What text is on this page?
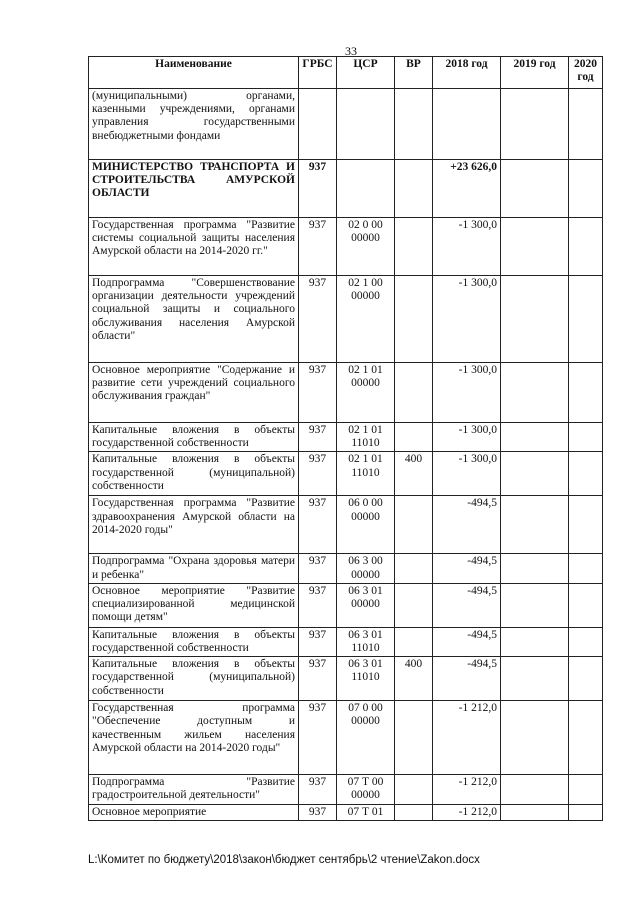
33
Наименование	ГРБС	ЦСР	ВР	2018 год	2019 год	2020 год
(муниципальными) органами, казенными учреждениями, органами управления государственными внебюджетными фондами						
МИНИСТЕРСТВО ТРАНСПОРТА И СТРОИТЕЛЬСТВА АМУРСКОЙ ОБЛАСТИ	937			+23 626,0		
Государственная программа "Развитие системы социальной защиты населения Амурской области на 2014-2020 гг."	937	02 0 00 00000		-1 300,0		
Подпрограмма "Совершенствование организации деятельности учреждений социальной защиты и социального обслуживания населения Амурской области"	937	02 1 00 00000		-1 300,0		
Основное мероприятие "Содержание и развитие сети учреждений социального обслуживания граждан"	937	02 1 01 00000		-1 300,0		
Капитальные вложения в объекты государственной собственности	937	02 1 01 11010		-1 300,0		
Капитальные вложения в объекты государственной (муниципальной) собственности	937	02 1 01 11010	400	-1 300,0		
Государственная программа "Развитие здравоохранения Амурской области на 2014-2020 годы"	937	06 0 00 00000		-494,5		
Подпрограмма "Охрана здоровья матери и ребенка"	937	06 3 00 00000		-494,5		
Основное мероприятие "Развитие специализированной медицинской помощи детям"	937	06 3 01 00000		-494,5		
Капитальные вложения в объекты государственной собственности	937	06 3 01 11010		-494,5		
Капитальные вложения в объекты государственной (муниципальной) собственности	937	06 3 01 11010	400	-494,5		
Государственная программа "Обеспечение доступным и качественным жильем населения Амурской области на 2014-2020 годы"	937	07 0 00 00000		-1 212,0		
Подпрограмма "Развитие градостроительной деятельности"	937	07 Т 00 00000		-1 212,0		
Основное мероприятие	937	07 Т 01		-1 212,0		
L:\Комитет по бюджету\2018\закон\бюджет сентябрь\2 чтение\Zakon.docx
